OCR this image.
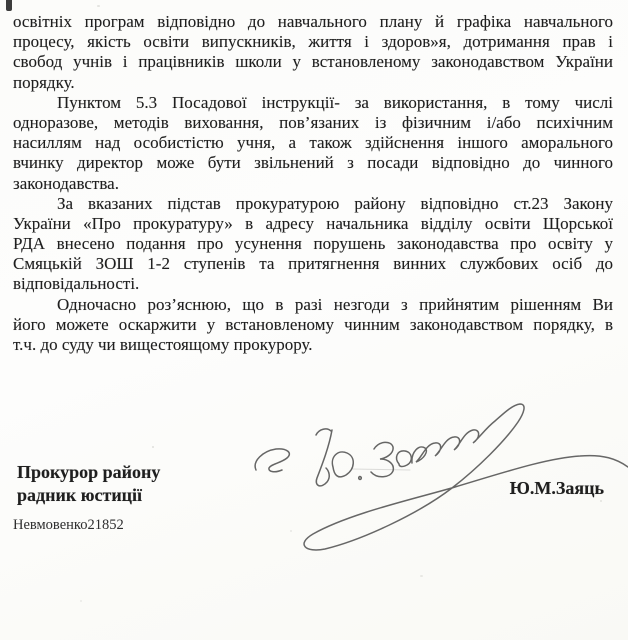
освітніх програм відповідно до навчального плану й графіка навчального
процесу, якість освіти випускників, життя і здоров»я, дотримання прав і
свобод учнів і працівників школи у встановленому законодавством України
порядку.
Пунктом 5.3 Посадової інструкції- за використання, в тому числі
одноразове, методів виховання, пов’язаних із фізичним і/або психічним
насиллям над особистістю учня, а також здійснення іншого аморального
вчинку директор може бути звільнений з посади відповідно до чинного
законодавства.
За вказаних підстав прокуратурою району відповідно ст.23 Закону
України «Про прокуратуру» в адресу начальника відділу освіти Щорської
РДА внесено подання про усунення порушень законодавства про освіту у
Смяцькій ЗОШ 1-2 ступенів та притягнення винних службових осіб до
відповідальності.
Одночасно роз’яснюю, що в разі незгоди з прийнятим рішенням Ви
його можете оскаржити у встановленому чинним законодавством порядку, в
т.ч. до суду чи вищестоящому прокурору.
Прокурор району
радник юстиції	Ю.М.Заяць
Невмовенко21852
